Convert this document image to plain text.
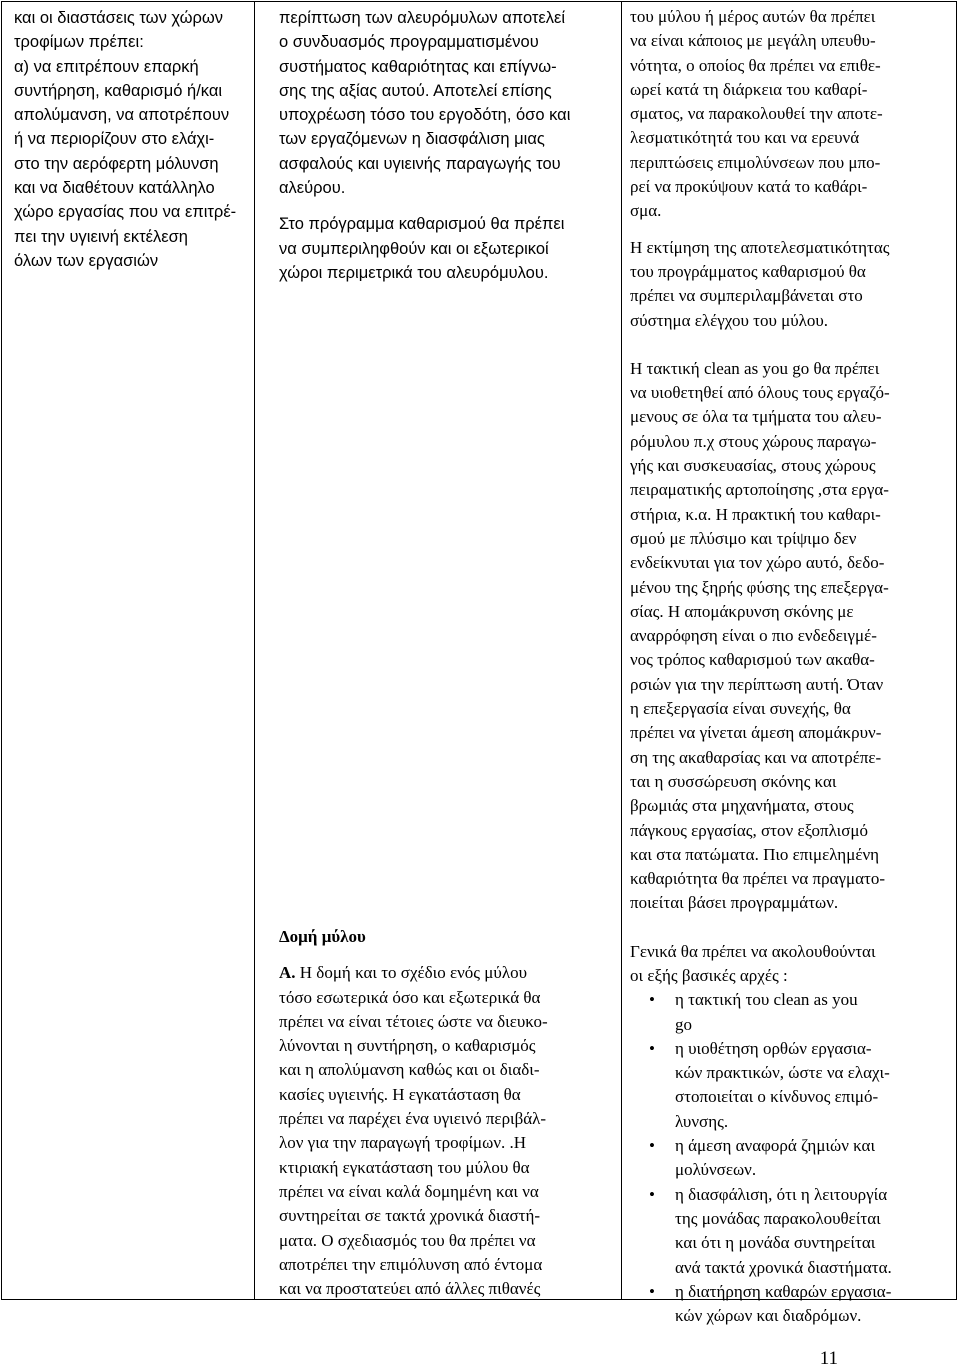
και οι διαστάσεις των χώρων
τροφίμων πρέπει:
α) να επιτρέπουν επαρκή
συντήρηση, καθαρισμό ή/και
απολύμανση, να αποτρέπουν
ή να περιορίζουν στο ελάχι-
στο την αερόφερτη μόλυνση
και να διαθέτουν κατάλληλο
χώρο εργασίας που να επιτρέ-
πει την υγιεινή εκτέλεση
όλων των εργασιών
περίπτωση των αλευρόμυλων αποτελεί
ο συνδυασμός προγραμματισμένου
συστήματος καθαριότητας και επίγνω-
σης της αξίας αυτού. Αποτελεί επίσης
υποχρέωση τόσο του εργοδότη, όσο και
των εργαζόμενων η διασφάλιση μιας
ασφαλούς και υγιεινής παραγωγής του
αλεύρου.
Στο πρόγραμμα καθαρισμού θα πρέπει
να συμπεριληφθούν και οι εξωτερικοί
χώροι περιμετρικά του αλευρόμυλου.
Δομή μύλου
Α. Η δομή και το σχέδιο ενός μύλου
τόσο εσωτερικά όσο και εξωτερικά θα
πρέπει να είναι τέτοιες ώστε να διευκο-
λύνονται η συντήρηση, ο καθαρισμός
και η απολύμανση καθώς και οι διαδι-
κασίες υγιεινής. Η εγκατάσταση θα
πρέπει να παρέχει ένα υγιεινό περιβάλ-
λον για την παραγωγή τροφίμων. .Η
κτιριακή εγκατάσταση του μύλου θα
πρέπει να είναι καλά δομημένη και να
συντηρείται σε τακτά χρονικά διαστή-
ματα. Ο σχεδιασμός του θα πρέπει να
αποτρέπει την επιμόλυνση από έντομα
και να προστατεύει από άλλες πιθανές
του μύλου ή μέρος αυτών θα πρέπει
να είναι κάποιος με μεγάλη υπευθυ-
νότητα, ο οποίος θα πρέπει να επιθε-
ωρεί κατά τη διάρκεια του καθαρί-
σματος, να παρακολουθεί την αποτε-
λεσματικότητά του και να ερευνά
περιπτώσεις επιμολύνσεων που μπο-
ρεί να προκύψουν κατά το καθάρι-
σμα.
Η εκτίμηση της αποτελεσματικότητας
του προγράμματος καθαρισμού θα
πρέπει να συμπεριλαμβάνεται στο
σύστημα ελέγχου του μύλου.
Η τακτική clean as you go θα πρέπει
να υιοθετηθεί από όλους τους εργαζό-
μενους σε όλα τα τμήματα του αλευ-
ρόμυλου π.χ στους χώρους παραγω-
γής και συσκευασίας, στους χώρους
πειραματικής αρτοποίησης ,στα εργα-
στήρια, κ.α. Η πρακτική του καθαρι-
σμού με πλύσιμο και τρίψιμο δεν
ενδείκνυται για τον χώρο αυτό, δεδο-
μένου της ξηρής φύσης της επεξεργα-
σίας. Η απομάκρυνση σκόνης με
αναρρόφηση είναι ο πιο ενδεδειγμέ-
νος τρόπος καθαρισμού των ακαθα-
ρσιών για την περίπτωση αυτή. Όταν
η επεξεργασία είναι συνεχής, θα
πρέπει να γίνεται άμεση απομάκρυν-
ση της ακαθαρσίας και να αποτρέπε-
ται η συσσώρευση σκόνης και
βρωμιάς στα μηχανήματα, στους
πάγκους εργασίας, στον εξοπλισμό
και στα πατώματα. Πιο επιμελημένη
καθαριότητα θα πρέπει να πραγματο-
ποιείται βάσει προγραμμάτων.
Γενικά θα πρέπει να ακολουθούνται
οι εξής βασικές αρχές :
• η τακτική του clean as you
go
• η υιοθέτηση ορθών εργασια-
κών πρακτικών, ώστε να ελαχι-
στοποιείται ο κίνδυνος επιμό-
λυνσης.
• η άμεση αναφορά ζημιών και
μολύνσεων.
• η διασφάλιση, ότι η λειτουργία
της μονάδας παρακολουθείται
και ότι η μονάδα συντηρείται
ανά τακτά χρονικά διαστήματα.
• η διατήρηση καθαρών εργασια-
κών χώρων και διαδρόμων.
11
